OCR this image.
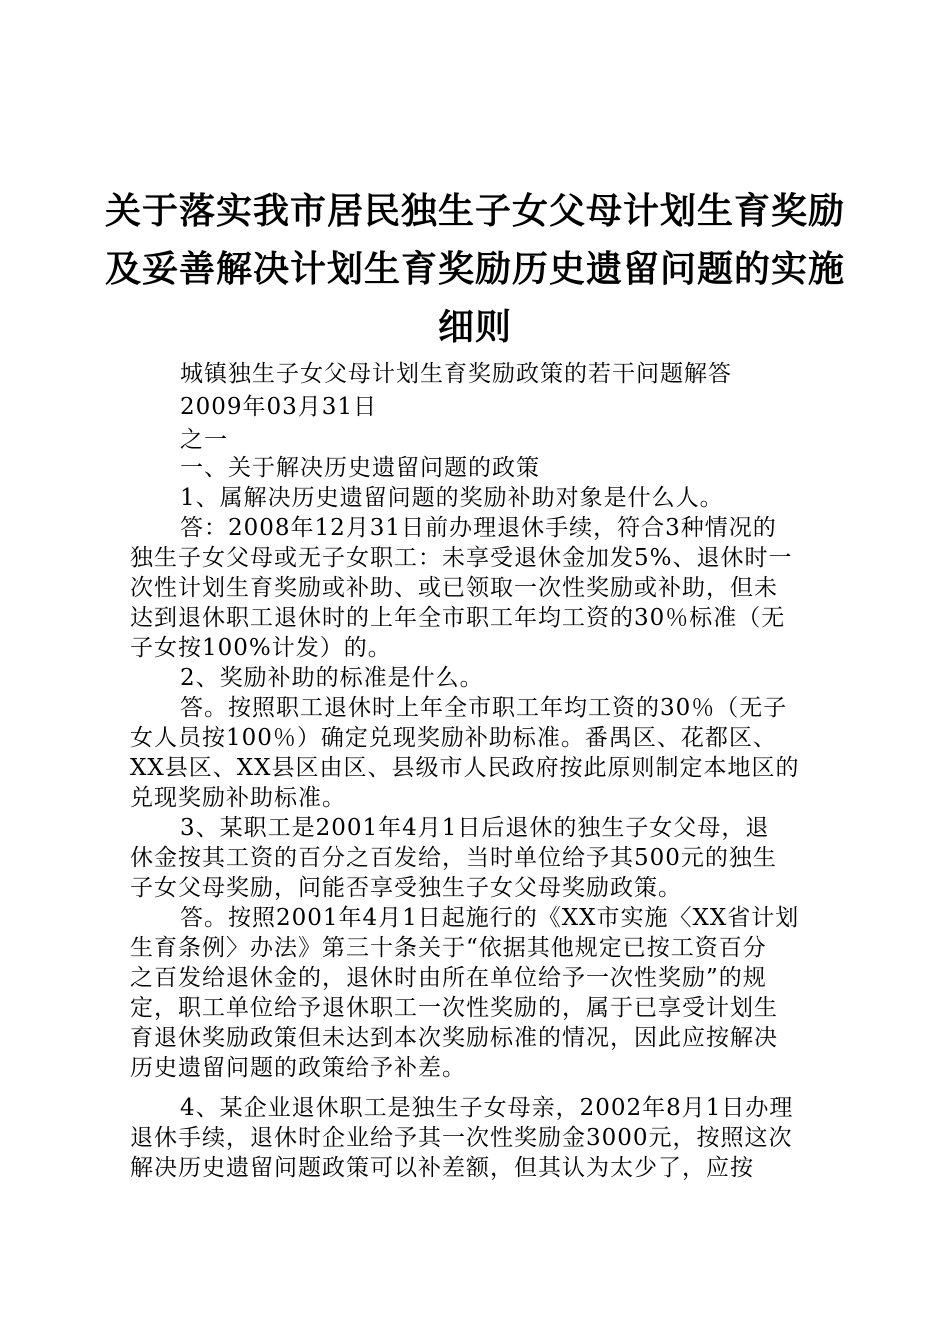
关于落实我市居民独生子女父母计划生育奖励
及妥善解决计划生育奖励历史遗留问题的实施
细则
城镇独生子女父母计划生育奖励政策的若干问题解答
2009年03月31日
之一
一、关于解决历史遗留问题的政策
1、属解决历史遗留问题的奖励补助对象是什么人。
答：2008年12月31日前办理退休手续，符合3种情况的
独生子女父母或无子女职工：未享受退休金加发5%、退休时一
次性计划生育奖励或补助、或已领取一次性奖励或补助，但未
达到退休职工退休时的上年全市职工年均工资的30％标准（无
子女按100%计发）的。
2、奖励补助的标准是什么。
答。按照职工退休时上年全市职工年均工资的30％（无子
女人员按100％）确定兑现奖励补助标准。番禺区、花都区、
XX县区、XX县区由区、县级市人民政府按此原则制定本地区的
兑现奖励补助标准。
3、某职工是2001年4月1日后退休的独生子女父母，退
休金按其工资的百分之百发给，当时单位给予其500元的独生
子女父母奖励，问能否享受独生子女父母奖励政策。
答。按照2001年4月1日起施行的《XX市实施〈XX省计划
生育条例〉办法》第三十条关于“依据其他规定已按工资百分
之百发给退休金的，退休时由所在单位给予一次性奖励”的规
定，职工单位给予退休职工一次性奖励的，属于已享受计划生
育退休奖励政策但未达到本次奖励标准的情况，因此应按解决
历史遗留问题的政策给予补差。
4、某企业退休职工是独生子女母亲，2002年8月1日办理
退休手续，退休时企业给予其一次性奖励金3000元，按照这次
解决历史遗留问题政策可以补差额，但其认为太少了，应按
